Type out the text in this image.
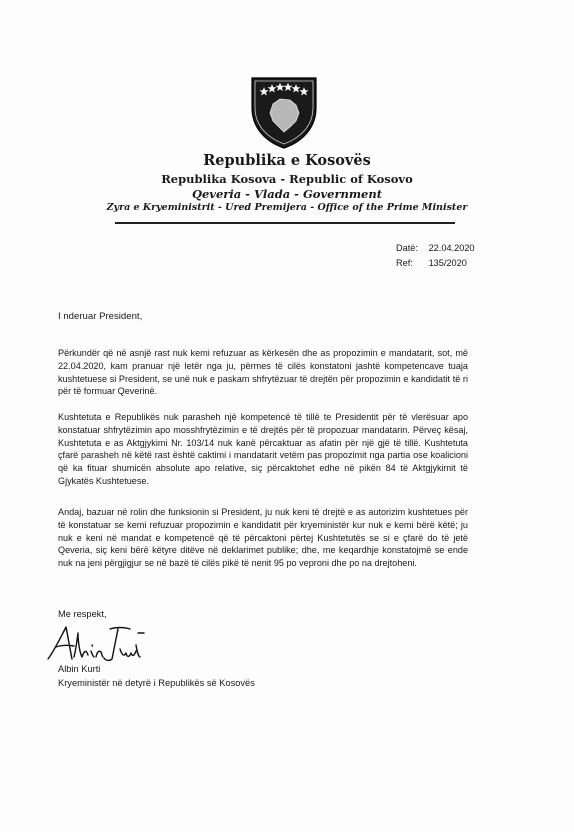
Republika e Kosovës
Republika Kosova - Republic of Kosovo
Qeveria - Vlada - Government
Zyra e Kryeministrit - Ured Premijera - Office of the Prime Minister
Datë: 22.04.2020
Ref: 135/2020
I nderuar President,

Përkundër që në asnjë rast nuk kemi refuzuar as kërkesën dhe as propozimin e mandatarit, sot, më 22.04.2020, kam pranuar një letër nga ju, përmes të cilës konstatoni jashtë kompetencave tuaja kushtetuese si President, se unë nuk e paskam shfrytëzuar të drejtën për propozimin e kandidatit të ri për të formuar Qeverinë.

Kushtetuta e Republikës nuk parasheh një kompetencë të tillë te Presidentit për të vlerësuar apo konstatuar shfrytëzimin apo mosshfrytëzimin e të drejtës për të propozuar mandatarin. Përveç kësaj, Kushtetuta e as Aktgjykimi Nr. 103/14 nuk kanë përcaktuar as afatin për një gjë të tillë. Kushtetuta çfarë parasheh në këtë rast është caktimi i mandatarit vetëm pas propozimit nga partia ose koalicioni që ka fituar shumicën absolute apo relative, siç përcaktohet edhe në pikën 84 të Aktgjykimit të Gjykatës Kushtetuese.

Andaj, bazuar në rolin dhe funksionin si President, ju nuk keni të drejtë e as autorizim kushtetues për të konstatuar se kemi refuzuar propozimin e kandidatit për kryeministër kur nuk e kemi bërë këtë; ju nuk e keni në mandat e kompetencë që të përcaktoni përtej Kushtetutës se si e çfarë do të jetë Qeveria, siç keni bërë këtyre ditëve në deklarimet publike; dhe, me keqardhje konstatojmë se ende nuk na jeni përgjigjur se në bazë të cilës pikë të nenit 95 po veproni dhe po na drejtoheni.

Me respekt,
Albin Kurti
Kryeministër në detyrë i Republikës së Kosovës
